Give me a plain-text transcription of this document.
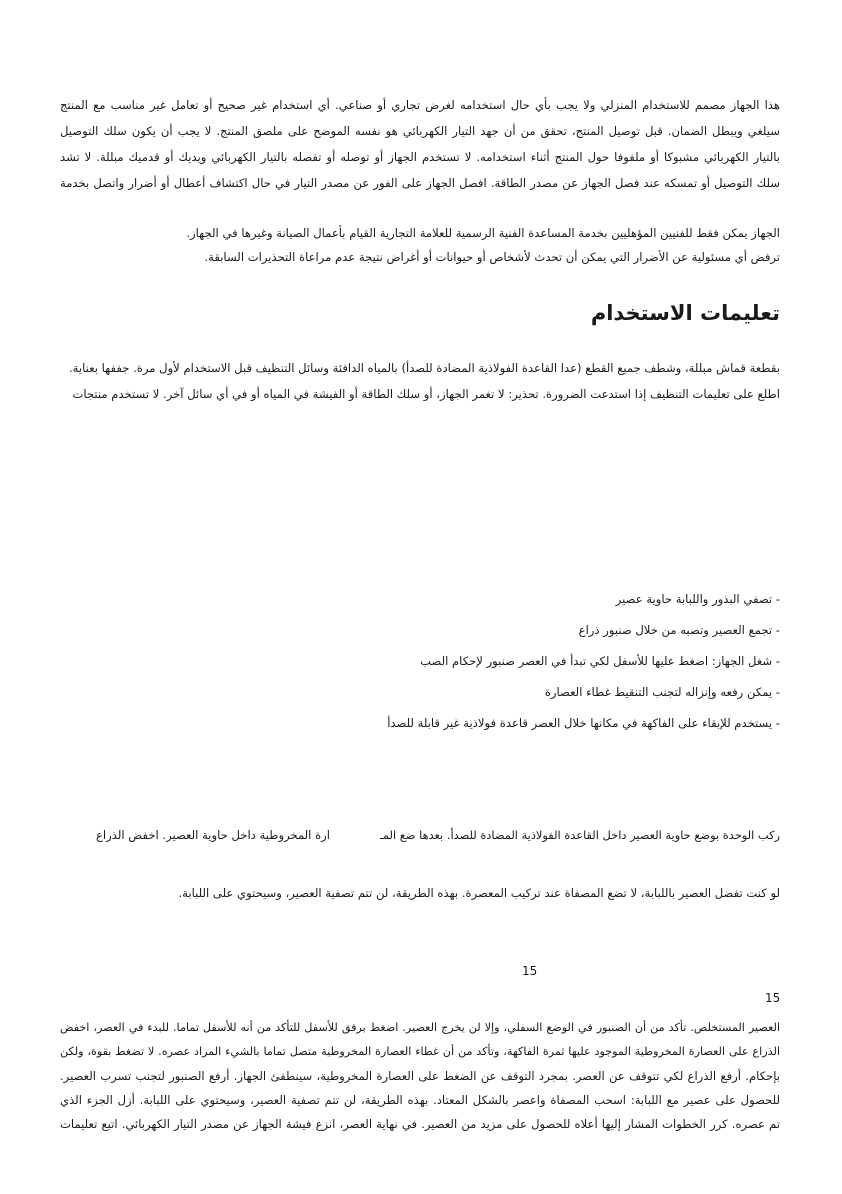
هذا الجهاز مصمم للاستخدام المنزلي ولا يجب بأي حال استخدامه لغرض تجاري أو صناعي. أي استخدام غير صحيح أو تعامل غير مناسب مع المنتج
سيلغي ويبطل الضمان. قبل توصيل المنتج، تحقق من أن جهد التيار الكهربائي هو نفسه الموضح على ملصق المنتج. لا يجب أن يكون سلك التوصيل
بالتيار الكهربائي مشبوكا أو ملفوفا حول المنتج أثناء استخدامه. لا تستخدم الجهاز أو توصله أو تفصله بالتيار الكهربائي ويديك أو قدميك مبللة. لا تشد
سلك التوصيل أو تمسكه عند فصل الجهاز عن مصدر الطاقة. افصل الجهاز على الفور عن مصدر التيار في حال اكتشاف أعطال أو أضرار واتصل بخدمة
الجهاز يمكن فقط للفنيين المؤهليين بخدمة المساعدة الفنية الرسمية للعلامة التجارية القيام بأعمال الصيانة وغيرها في الجهاز.
ترفض أي مسئولية عن الأضرار التي يمكن أن تحدث لأشخاص أو حيوانات أو أغراض نتيجة عدم مراعاة التحذيرات السابقة.
تعليمات الاستخدام
بقطعة قماش مبللة، وشطف جميع القطع (عدا القاعدة الفولاذية المضادة للصدأ) بالمياه الدافئة وسائل التنظيف قبل الاستخدام لأول مرة. جففها بعناية.
اطلع على تعليمات التنظيف إذا استدعت الضرورة. تحذير: لا تغمر الجهاز، أو سلك الطاقة أو الفيشة في المياه أو في أي سائل آخر. لا تستخدم منتجات
- تصفي البذور واللبابة حاوية عصير
- تجمع العصير وتصبه من خلال صنبور ذراع
- شغل الجهاز: اضغط عليها للأسفل لكي تبدأ في العصر صنبور لإحكام الصب
- يمكن رفعه وإنزاله لتجنب التنقيط غطاء العصارة
- يستخدم للإبقاء على الفاكهة في مكانها خلال العصر قاعدة فولاذية غير قابلة للصدأ
ركب الوحدة بوضع حاوية العصير داخل القاعدة الفولاذية المضادة للصدأ. بعدها ضع المـ
ارة المخروطية داخل حاوية العصير. اخفض الذراع
لو كنت تفضل العصير باللبابة، لا تضع المصفاة عند تركيب المعصرة. بهذه الطريقة، لن تتم تصفية العصير، وسيحتوي على اللبابة.
15
15
العصير المستخلص. تأكد من أن الصنبور في الوضع السفلي، وإلا لن يخرج العصير. اضغط برفق للأسفل للتأكد من أنه للأسفل تماما. للبدء في العصر، اخفض
الذراع على العصارة المخروطية الموجود عليها ثمرة الفاكهة، وتأكد من أن غطاء العصارة المخروطية متصل تماما بالشيء المراد عصره. لا تضغط بقوة، ولكن
بإحكام. أرفع الذراع لكي تتوقف عن العصر. بمجرد التوقف عن الضغط على العصارة المخروطية، سينطفئ الجهاز. أرفع الصنبور لتجنب تسرب العصير.
للحصول على عصير مع اللبابة: اسحب المصفاة واعصر بالشكل المعتاد. بهذه الطريقة، لن تتم تصفية العصير، وسيحتوي على اللبابة. أزل الجزء الذي
تم عصره. كرر الخطوات المشار إليها أعلاه للحصول على مزيد من العصير. في نهاية العصر، انزع فيشة الجهاز عن مصدر التيار الكهربائي. اتبع تعليمات
